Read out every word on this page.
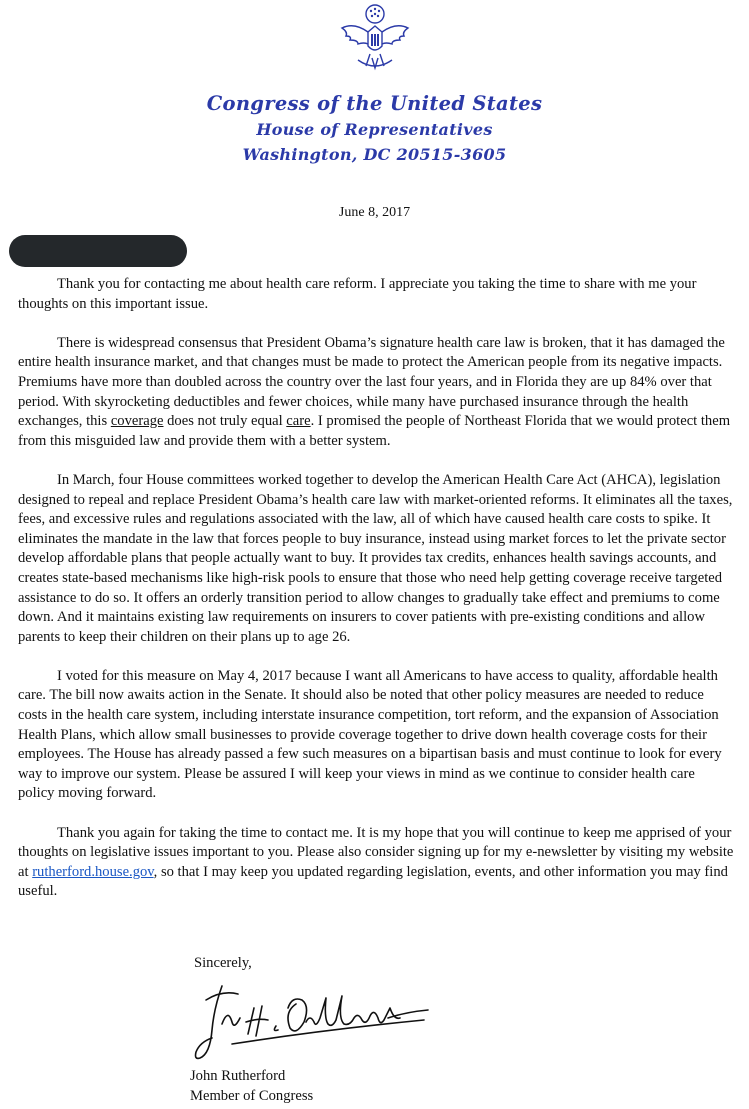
Congress of the United States
House of Representatives
Washington, DC 20515-3605
June 8, 2017

Thank you for contacting me about health care reform. I appreciate you taking the time to share with me your thoughts on this important issue.

There is widespread consensus that President Obama’s signature health care law is broken, that it has damaged the entire health insurance market, and that changes must be made to protect the American people from its negative impacts. Premiums have more than doubled across the country over the last four years, and in Florida they are up 84% over that period. With skyrocketing deductibles and fewer choices, while many have purchased insurance through the health exchanges, this coverage does not truly equal care. I promised the people of Northeast Florida that we would protect them from this misguided law and provide them with a better system.

In March, four House committees worked together to develop the American Health Care Act (AHCA), legislation designed to repeal and replace President Obama’s health care law with market-oriented reforms. It eliminates all the taxes, fees, and excessive rules and regulations associated with the law, all of which have caused health care costs to spike. It eliminates the mandate in the law that forces people to buy insurance, instead using market forces to let the private sector develop affordable plans that people actually want to buy. It provides tax credits, enhances health savings accounts, and creates state-based mechanisms like high-risk pools to ensure that those who need help getting coverage receive targeted assistance to do so. It offers an orderly transition period to allow changes to gradually take effect and premiums to come down. And it maintains existing law requirements on insurers to cover patients with pre-existing conditions and allow parents to keep their children on their plans up to age 26.

I voted for this measure on May 4, 2017 because I want all Americans to have access to quality, affordable health care. The bill now awaits action in the Senate. It should also be noted that other policy measures are needed to reduce costs in the health care system, including interstate insurance competition, tort reform, and the expansion of Association Health Plans, which allow small businesses to provide coverage together to drive down health coverage costs for their employees. The House has already passed a few such measures on a bipartisan basis and must continue to look for every way to improve our system. Please be assured I will keep your views in mind as we continue to consider health care policy moving forward.

Thank you again for taking the time to contact me. It is my hope that you will continue to keep me apprised of your thoughts on legislative issues important to you. Please also consider signing up for my e-newsletter by visiting my website at rutherford.house.gov, so that I may keep you updated regarding legislation, events, and other information you may find useful.

Sincerely,
John Rutherford
Member of Congress
